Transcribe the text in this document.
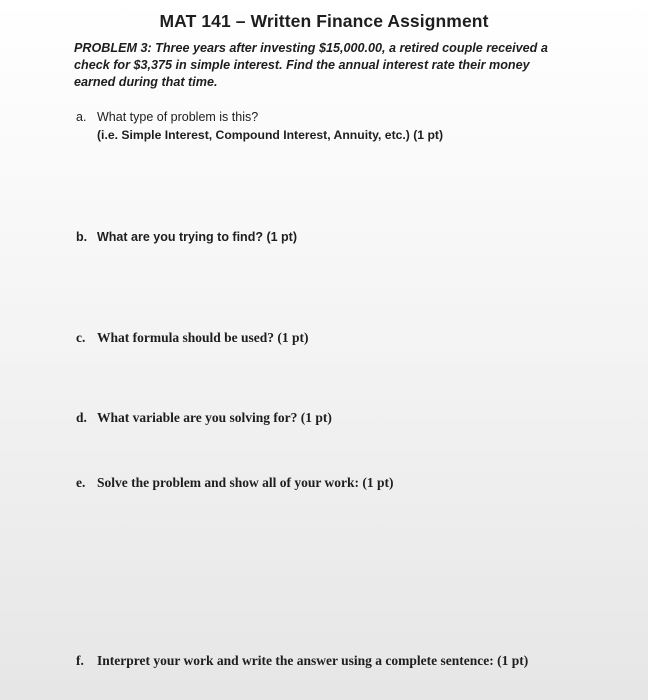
MAT 141 – Written Finance Assignment
PROBLEM 3: Three years after investing $15,000.00, a retired couple received a check for $3,375 in simple interest. Find the annual interest rate their money earned during that time.
a. What type of problem is this?
(i.e. Simple Interest, Compound Interest, Annuity, etc.) (1 pt)
b. What are you trying to find? (1 pt)
c. What formula should be used? (1 pt)
d. What variable are you solving for? (1 pt)
e. Solve the problem and show all of your work: (1 pt)
f. Interpret your work and write the answer using a complete sentence: (1 pt)
